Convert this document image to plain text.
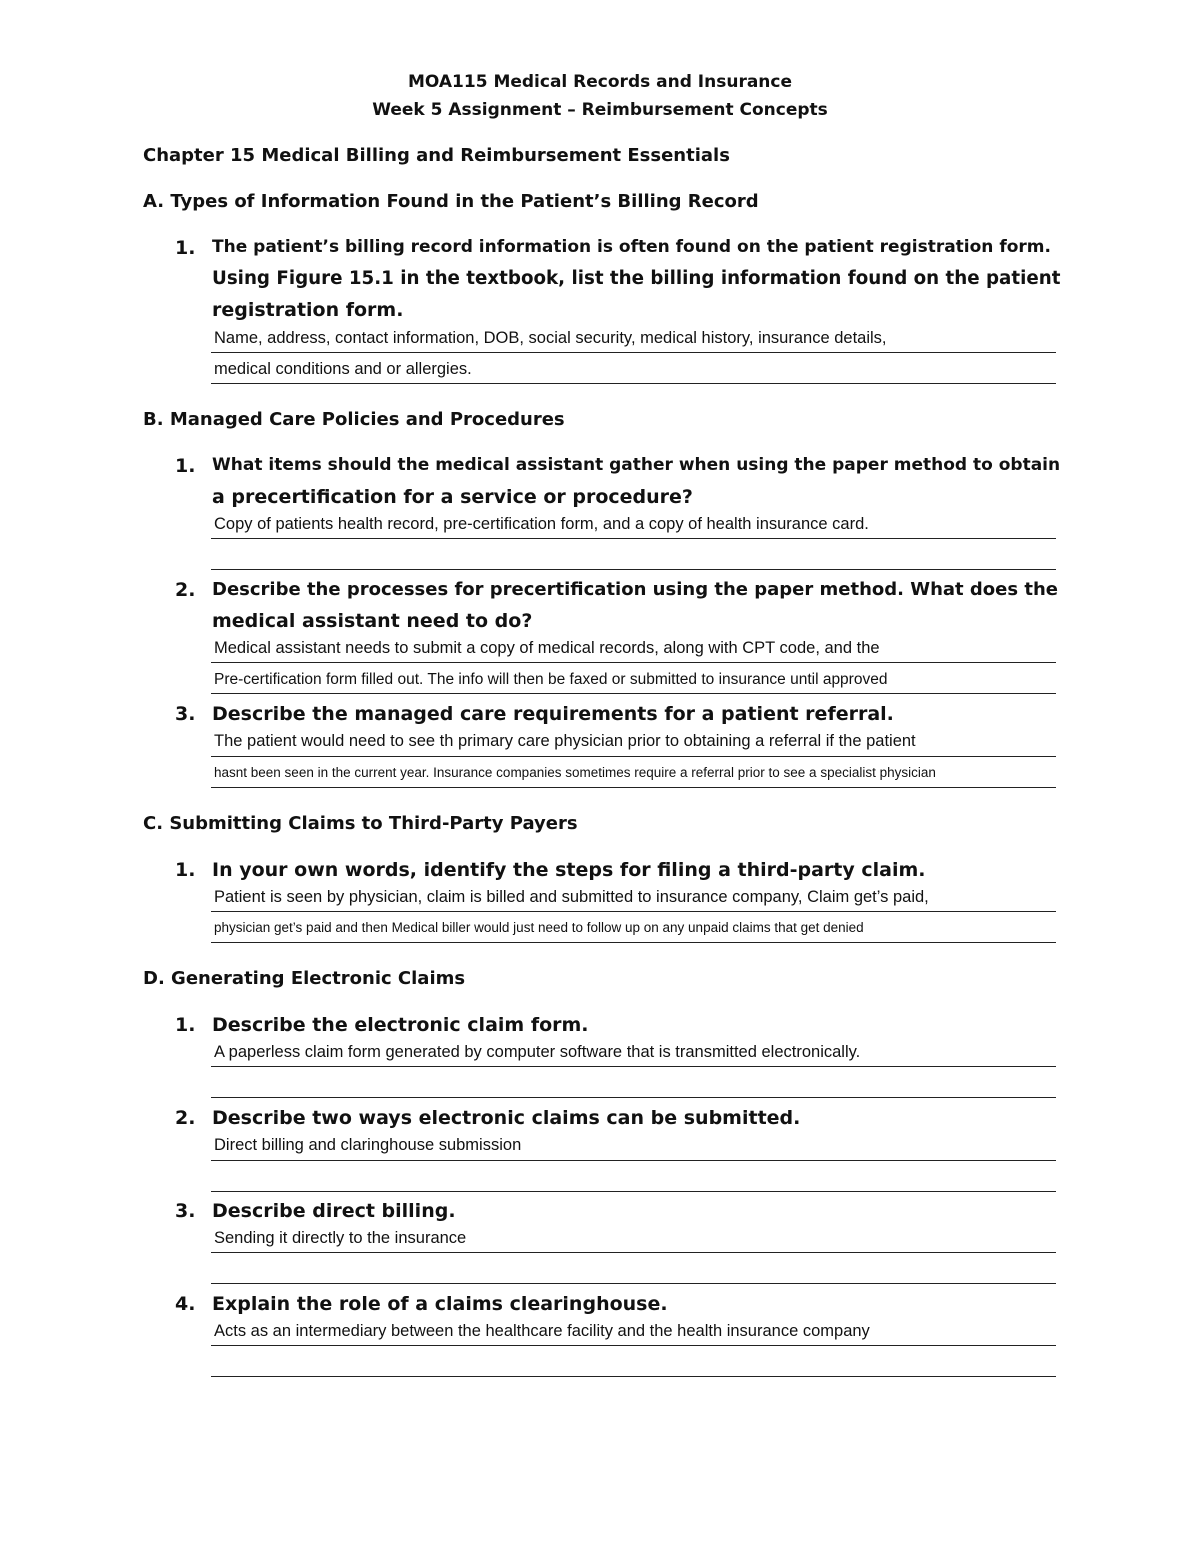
MOA115 Medical Records and Insurance
Week 5 Assignment – Reimbursement Concepts
Chapter 15 Medical Billing and Reimbursement Essentials
A. Types of Information Found in the Patient’s Billing Record
1. The patient’s billing record information is often found on the patient registration form.
Using Figure 15.1 in the textbook, list the billing information found on the patient
registration form.
Name, address, contact information, DOB, social security, medical history, insurance details,
medical conditions and or allergies.
B. Managed Care Policies and Procedures
1. What items should the medical assistant gather when using the paper method to obtain
a precertification for a service or procedure?
Copy of patients health record, pre-certification form, and a copy of health insurance card.
2. Describe the processes for precertification using the paper method. What does the
medical assistant need to do?
Medical assistant needs to submit a copy of medical records, along with CPT code, and the
Pre-certification form filled out. The info will then be faxed or submitted to insurance until approved
3. Describe the managed care requirements for a patient referral.
The patient would need to see th primary care physician prior to obtaining a referral if the patient
hasnt been seen in the current year. Insurance companies sometimes require a referral prior to see a specialist physician
C. Submitting Claims to Third-Party Payers
1. In your own words, identify the steps for filing a third-party claim.
Patient is seen by physician, claim is billed and submitted to insurance company, Claim get’s paid,
physician get’s paid and then Medical biller would just need to follow up on any unpaid claims that get denied
D. Generating Electronic Claims
1. Describe the electronic claim form.
A paperless claim form generated by computer software that is transmitted electronically.
2. Describe two ways electronic claims can be submitted.
Direct billing and claringhouse submission
3. Describe direct billing.
Sending it directly to the insurance
4. Explain the role of a claims clearinghouse.
Acts as an intermediary between the healthcare facility and the health insurance company
